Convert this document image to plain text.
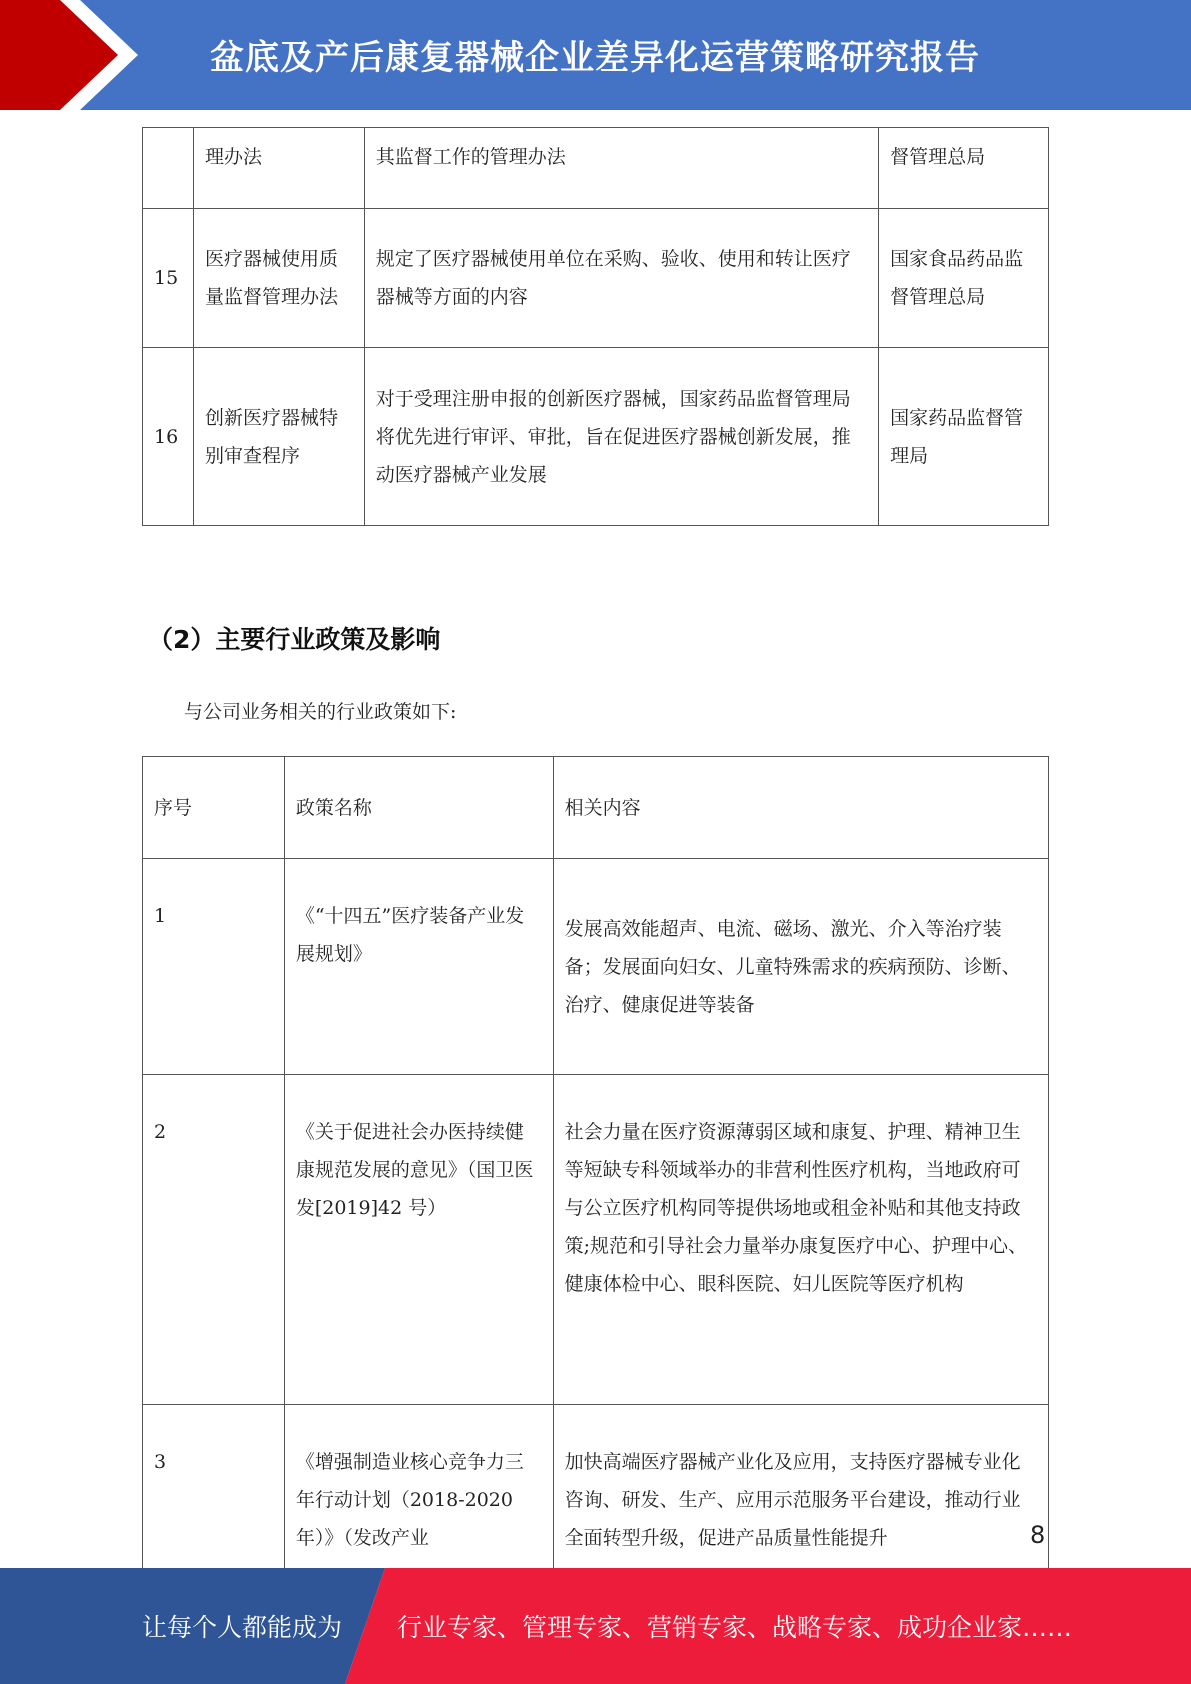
盆底及产后康复器械企业差异化运营策略研究报告
	理办法	其监督工作的管理办法	督管理总局
15	医疗器械使用质量监督管理办法	规定了医疗器械使用单位在采购、验收、使用和转让医疗器械等方面的内容	国家食品药品监督管理总局
16	创新医疗器械特别审查程序	对于受理注册申报的创新医疗器械，国家药品监督管理局将优先进行审评、审批，旨在促进医疗器械创新发展，推动医疗器械产业发展	国家药品监督管理局
（2）主要行业政策及影响
与公司业务相关的行业政策如下:
序号	政策名称	相关内容
1	《“十四五”医疗装备产业发展规划》	发展高效能超声、电流、磁场、激光、介入等治疗装备；发展面向妇女、儿童特殊需求的疾病预防、诊断、治疗、健康促进等装备
2	《关于促进社会办医持续健康规范发展的意见》（国卫医发[2019]42 号）	社会力量在医疗资源薄弱区域和康复、护理、精神卫生等短缺专科领域举办的非营利性医疗机构，当地政府可与公立医疗机构同等提供场地或租金补贴和其他支持政策;规范和引导社会力量举办康复医疗中心、护理中心、健康体检中心、眼科医院、妇儿医院等医疗机构
3	《增强制造业核心竞争力三年行动计划（2018-2020年）》（发改产业	加快高端医疗器械产业化及应用，支持医疗器械专业化咨询、研发、生产、应用示范服务平台建设，推动行业全面转型升级，促进产品质量性能提升	8
让每个人都能成为 行业专家、管理专家、营销专家、战略专家、成功企业家……
